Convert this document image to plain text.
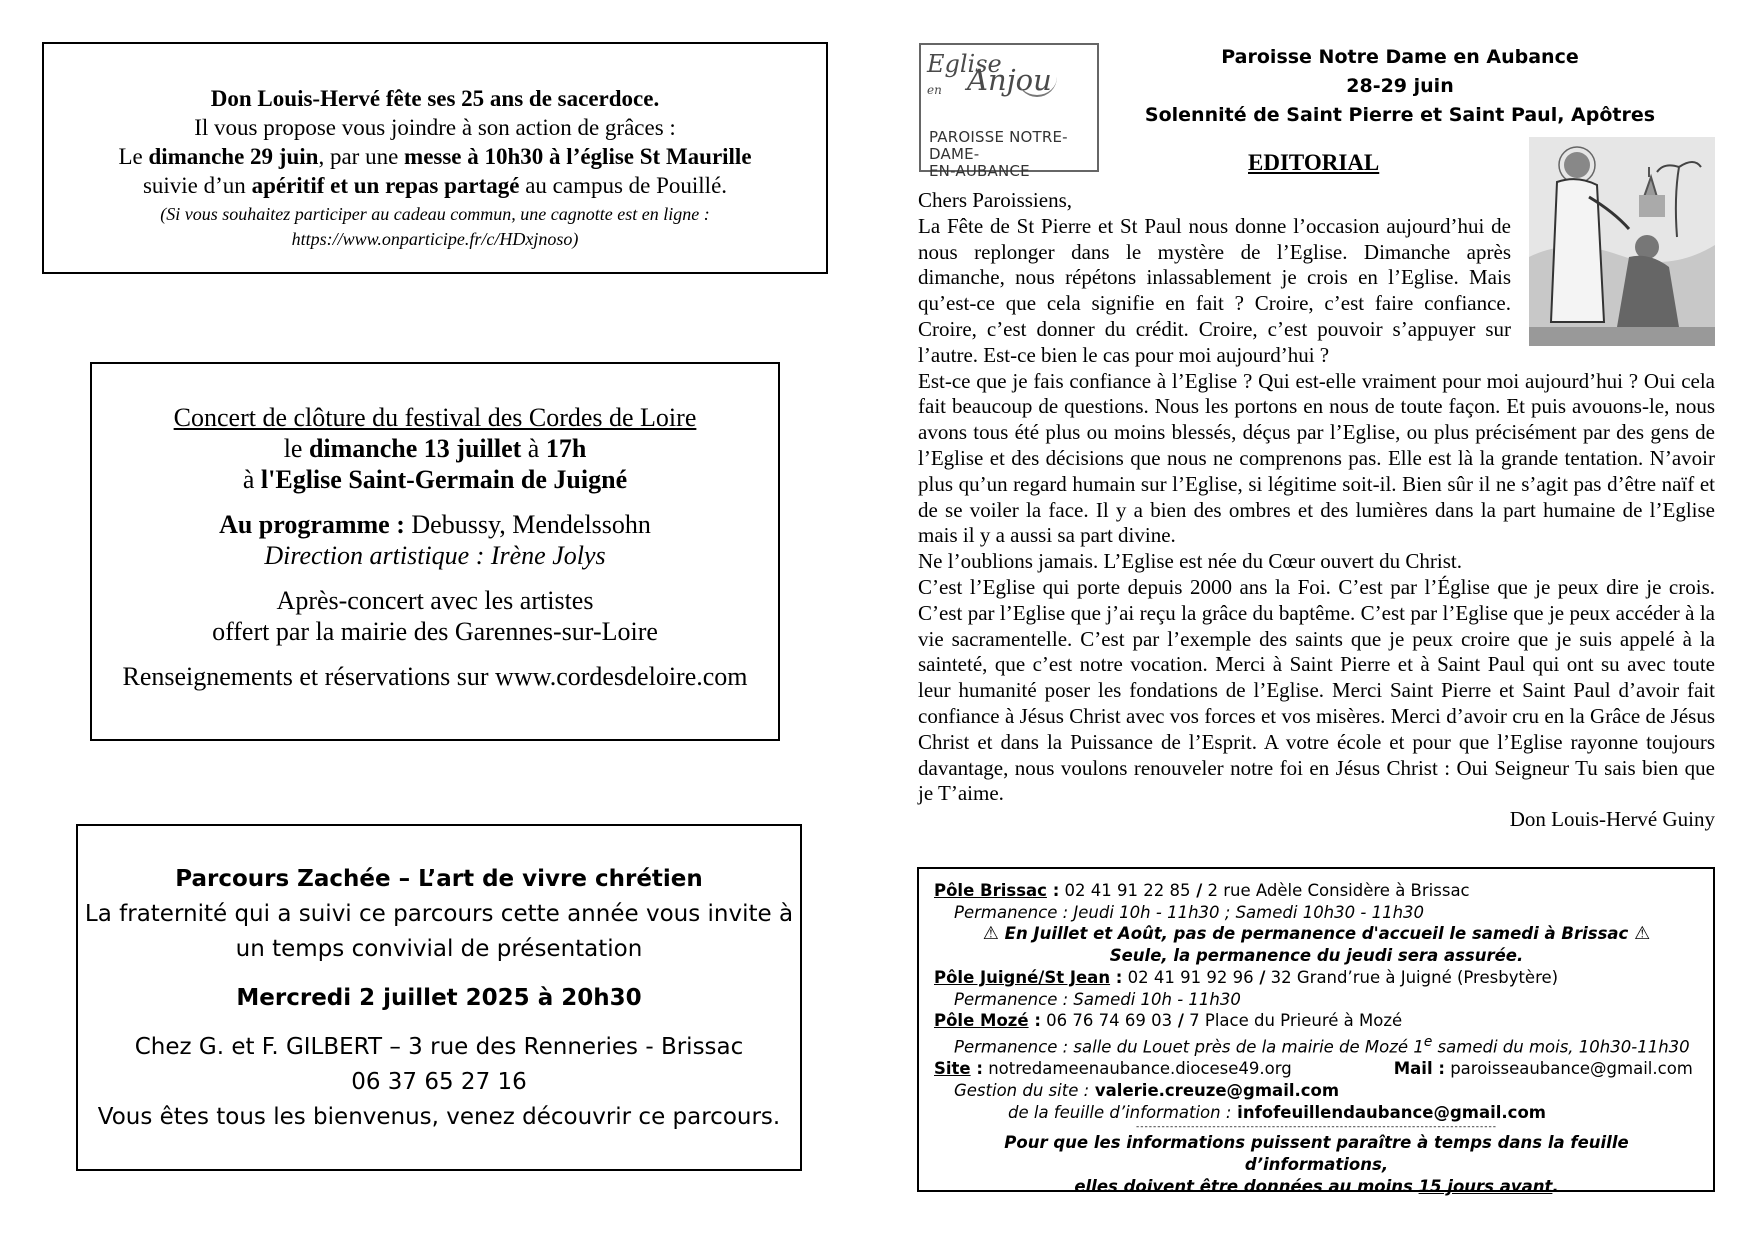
Don Louis-Hervé fête ses 25 ans de sacerdoce.
Il vous propose vous joindre à son action de grâces :
Le dimanche 29 juin, par une messe à 10h30 à l’église St Maurille
suivie d’un apéritif et un repas partagé au campus de Pouillé.
(Si vous souhaitez participer au cadeau commun, une cagnotte est en ligne :
https://www.onparticipe.fr/c/HDxjnoso)
Concert de clôture du festival des Cordes de Loire
le dimanche 13 juillet à 17h
à l'Eglise Saint-Germain de Juigné
Au programme : Debussy, Mendelssohn
Direction artistique : Irène Jolys
Après-concert avec les artistes
offert par la mairie des Garennes-sur-Loire
Renseignements et réservations sur www.cordesdeloire.com
Parcours Zachée – L’art de vivre chrétien
La fraternité qui a suivi ce parcours cette année vous invite à
un temps convivial de présentation
Mercredi 2 juillet 2025 à 20h30
Chez G. et F. GILBERT – 3 rue des Renneries - Brissac
06 37 65 27 16
Vous êtes tous les bienvenus, venez découvrir ce parcours.
Eglise
en Anjou
PAROISSE NOTRE-DAME-
EN-AUBANCE
Paroisse Notre Dame en Aubance
28-29 juin
Solennité de Saint Pierre et Saint Paul, Apôtres
EDITORIAL

Chers Paroissiens,

La Fête de St Pierre et St Paul nous donne l’occasion aujourd’hui de nous replonger dans le mystère de l’Eglise. Dimanche après dimanche, nous répétons inlassablement je crois en l’Eglise. Mais qu’est-ce que cela signifie en fait ? Croire, c’est faire confiance. Croire, c’est donner du crédit. Croire, c’est pouvoir s’appuyer sur l’autre. Est-ce bien le cas pour moi aujourd’hui ?

Est-ce que je fais confiance à l’Eglise ? Qui est-elle vraiment pour moi aujourd’hui ? Oui cela fait beaucoup de questions. Nous les portons en nous de toute façon. Et puis avouons-le, nous avons tous été plus ou moins blessés, déçus par l’Eglise, ou plus précisément par des gens de l’Eglise et des décisions que nous ne comprenons pas. Elle est là la grande tentation. N’avoir plus qu’un regard humain sur l’Eglise, si légitime soit-il. Bien sûr il ne s’agit pas d’être naïf et de se voiler la face. Il y a bien des ombres et des lumières dans la part humaine de l’Eglise mais il y a aussi sa part divine.

Ne l’oublions jamais. L’Eglise est née du Cœur ouvert du Christ.

C’est l’Eglise qui porte depuis 2000 ans la Foi. C’est par l’Église que je peux dire je crois. C’est par l’Eglise que j’ai reçu la grâce du baptême. C’est par l’Eglise que je peux accéder à la vie sacramentelle. C’est par l’exemple des saints que je peux croire que je suis appelé à la sainteté, que c’est notre vocation. Merci à Saint Pierre et à Saint Paul qui ont su avec toute leur humanité poser les fondations de l’Eglise. Merci Saint Pierre et Saint Paul d’avoir fait confiance à Jésus Christ avec vos forces et vos misères. Merci d’avoir cru en la Grâce de Jésus Christ et dans la Puissance de l’Esprit. A votre école et pour que l’Eglise rayonne toujours davantage, nous voulons renouveler notre foi en Jésus Christ : Oui Seigneur Tu sais bien que je T’aime.

Don Louis-Hervé Guiny

Pôle Brissac : 02 41 91 22 85 / 2 rue Adèle Considère à Brissac
Permanence : Jeudi 10h - 11h30 ; Samedi 10h30 - 11h30
⚠ En Juillet et Août, pas de permanence d'accueil le samedi à Brissac ⚠
Seule, la permanence du jeudi sera assurée.
Pôle Juigné/St Jean : 02 41 91 92 96 / 32 Grand’rue à Juigné (Presbytère)
Permanence : Samedi 10h - 11h30
Pôle Mozé : 06 76 74 69 03 / 7 Place du Prieuré à Mozé
Permanence : salle du Louet près de la mairie de Mozé 1e samedi du mois, 10h30-11h30
Site : notredameenaubance.diocese49.org	Mail : paroisseaubance@gmail.com
Gestion du site : valerie.creuze@gmail.com
de la feuille d’information : infofeuillendaubance@gmail.com
-------------------------------------------------------------------------------------
Pour que les informations puissent paraître à temps dans la feuille d’informations,
elles doivent être données au moins 15 jours avant.
